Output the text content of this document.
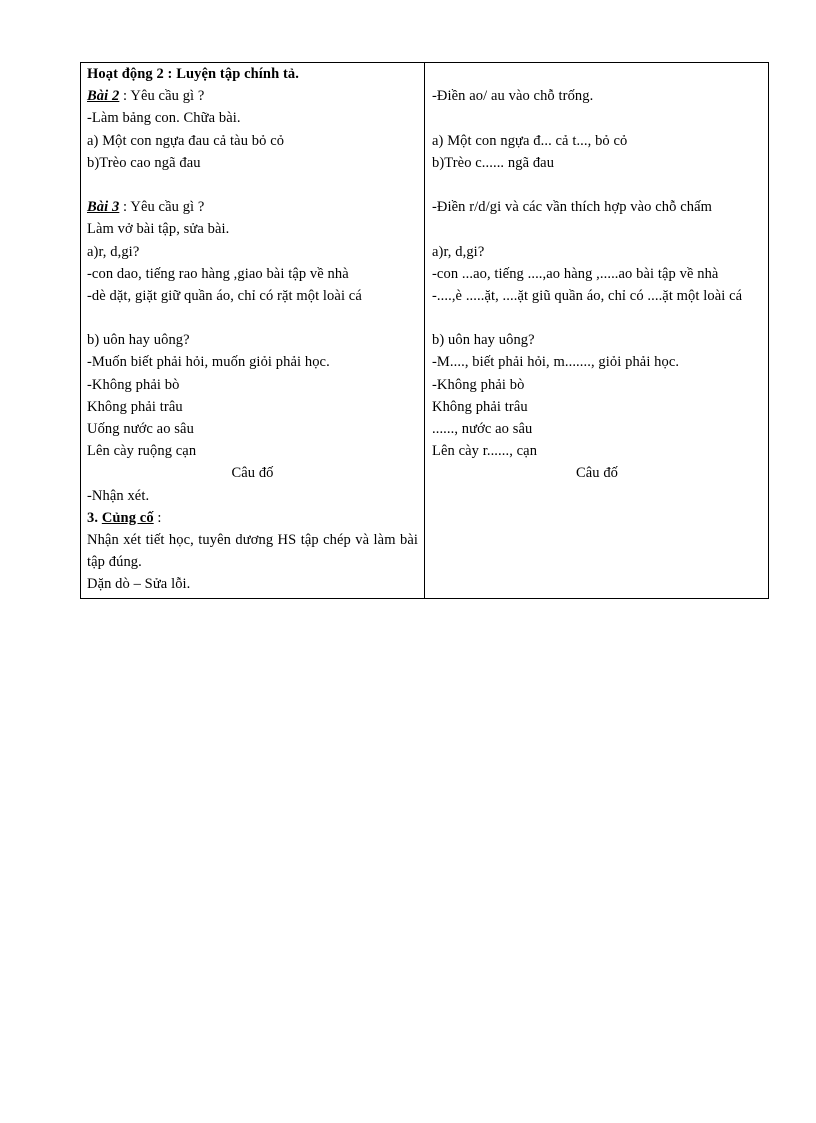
Hoạt động 2 : Luyện tập chính tả.
Bài 2 : Yêu cầu gì ?
-Làm bảng con. Chữa bài.
a) Một con ngựa đau cả tàu bỏ cỏ
b)Trèo cao ngã đau
Bài 3 : Yêu cầu gì ?
Làm vở bài tập, sửa bài.
a)r, d,gi?
-con dao, tiếng rao hàng ,giao bài tập về nhà
-dè dặt, giặt giữ quần áo, chỉ có rặt một loài cá
b) uôn hay uông?
-Muốn biết phải hỏi, muốn giỏi phải học.
-Không phải bò
Không phải trâu
Uống nước ao sâu
Lên cày ruộng cạn
Câu đố
-Nhận xét.
3. Củng cố :
Nhận xét tiết học, tuyên dương HS tập chép và làm bài tập đúng.
Dặn dò – Sửa lỗi.
-Điền ao/ au vào chỗ trống.
a) Một con ngựa đ... cả t..., bỏ cỏ
b)Trèo c...... ngã đau
-Điền r/d/gi và các vần thích hợp vào chỗ chấm
a)r, d,gi?
-con ...ao, tiếng ....,ao hàng ,.....ao bài tập về nhà
-....,è .....ặt, ....ặt giũ quần áo, chỉ có ....ặt một loài cá
b) uôn hay uông?
-M...., biết phải hỏi, m......., giỏi phải học.
-Không phải bò
Không phải trâu
......, nước ao sâu
Lên cày r......, cạn
Câu đố
